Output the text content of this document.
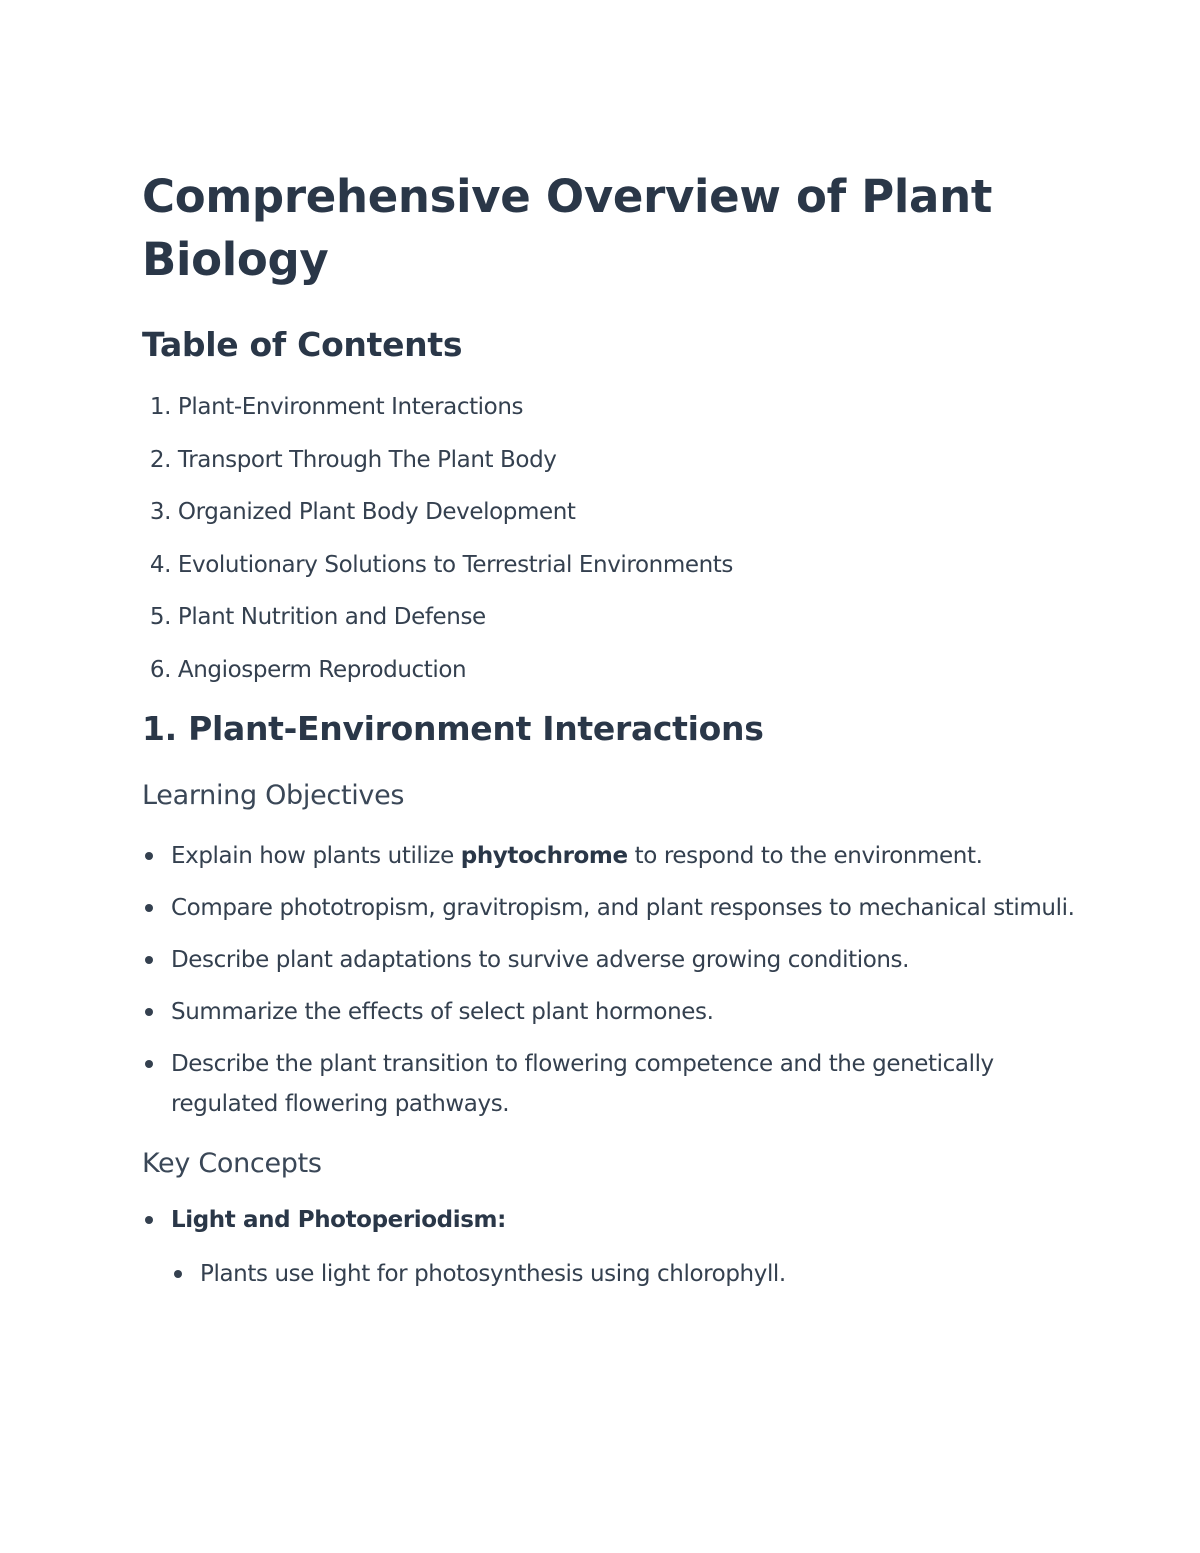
Comprehensive Overview of Plant Biology
Table of Contents
1. Plant-Environment Interactions
2. Transport Through The Plant Body
3. Organized Plant Body Development
4. Evolutionary Solutions to Terrestrial Environments
5. Plant Nutrition and Defense
6. Angiosperm Reproduction
1. Plant-Environment Interactions
Learning Objectives
Explain how plants utilize phytochrome to respond to the environment.
Compare phototropism, gravitropism, and plant responses to mechanical stimuli.
Describe plant adaptations to survive adverse growing conditions.
Summarize the effects of select plant hormones.
Describe the plant transition to flowering competence and the genetically regulated flowering pathways.
Key Concepts
Light and Photoperiodism:
Plants use light for photosynthesis using chlorophyll.
